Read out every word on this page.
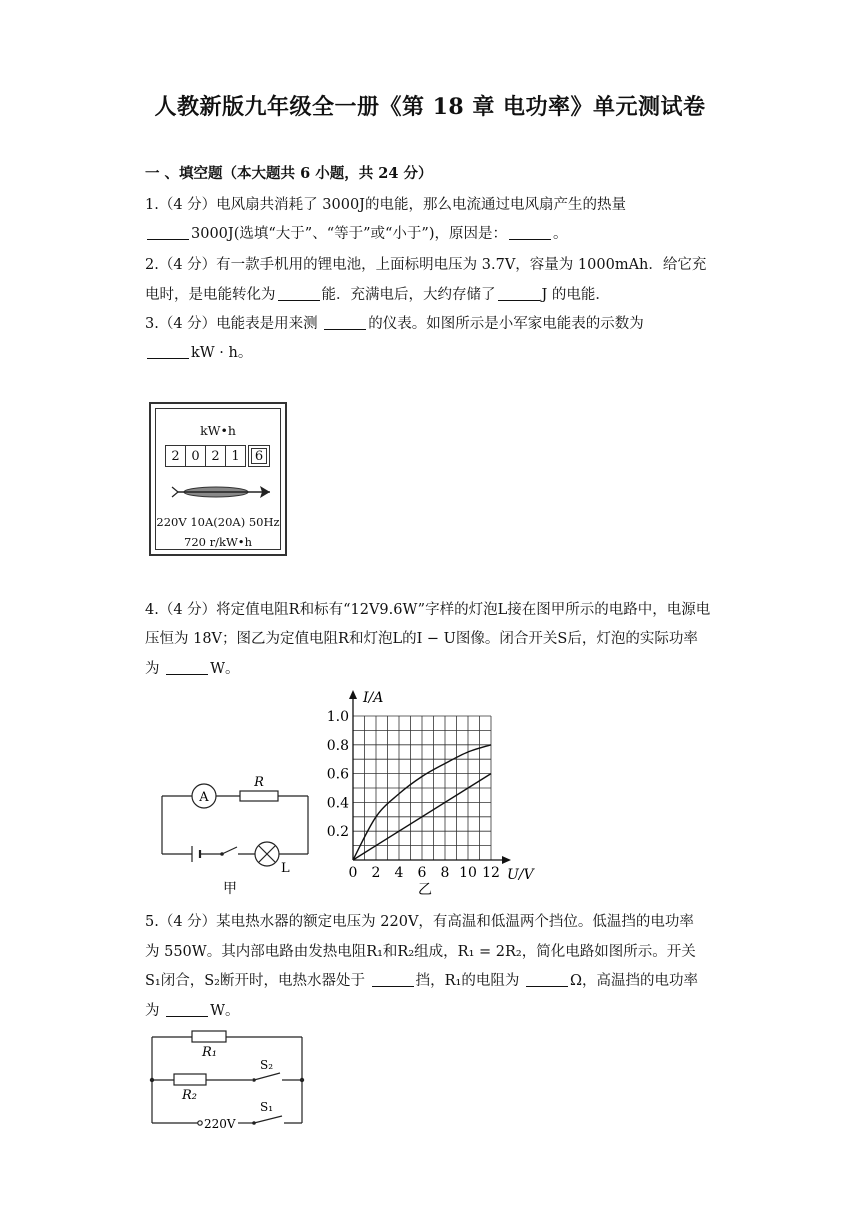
人教新版九年级全一册《第 18 章 电功率》单元测试卷
一 、填空题（本大题共 6 小题，共 24 分）
1.（4 分）电风扇共消耗了 3000J的电能，那么电流通过电风扇产生的热量
3000J(选填“大于”、“等于”或“小于”)，原因是：	。
2.（4 分）有一款手机用的锂电池，上面标明电压为 3.7V，容量为 1000mAh．给它充
电时，是电能转化为	能．充满电后，大约存储了	J 的电能．
3.（4 分）电能表是用来测	的仪表。如图所示是小军家电能表的示数为
kW · h。
kW•h
2 0 2 1	6
220V 10A(20A) 50Hz
720 r/kW•h
4.（4 分）将定值电阻R和标有“12V9.6W”字样的灯泡L接在图甲所示的电路中，电源电
压恒为 18V；图乙为定值电阻R和灯泡L的I − U图像。闭合开关S后，灯泡的实际功率
为	W。
A
R
L
甲
0 2 4 6 8 10 12
0.2
0.4
0.6
0.8
1.0
I/A
U/V
乙
5.（4 分）某电热水器的额定电压为 220V，有高温和低温两个挡位。低温挡的电功率
为 550W。其内部电路由发热电阻R₁和R₂组成，R₁ = 2R₂，简化电路如图所示。开关
S₁闭合，S₂断开时，电热水器处于	挡，R₁的电阻为	Ω，高温挡的电功率
为	W。
R₁
R₂
S₂
220V
S₁
